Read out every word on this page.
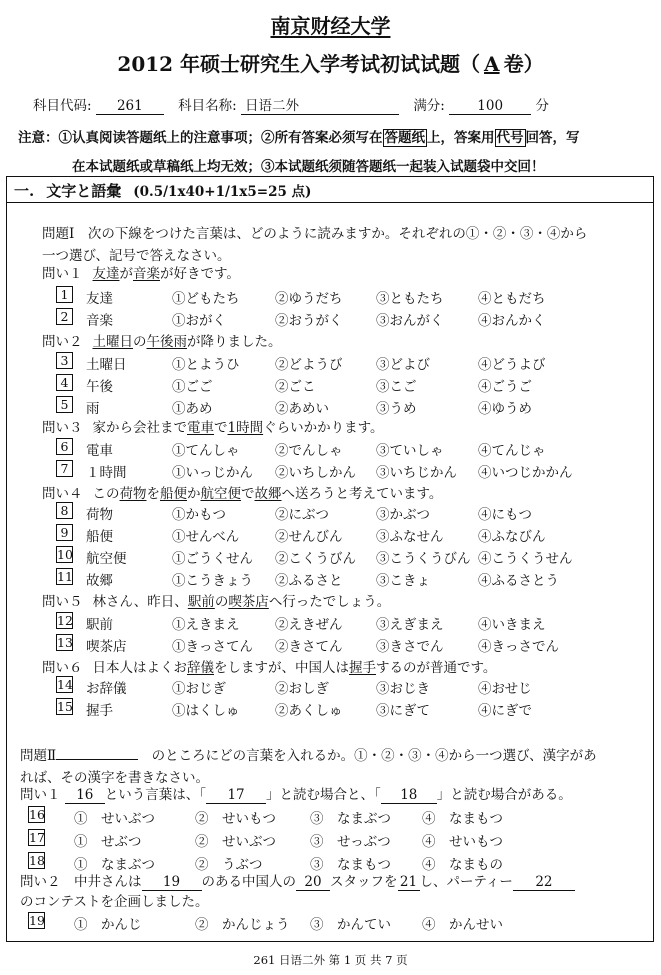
南京财经大学
2012 年硕士研究生入学考试初试试题（ A 卷）
科目代码: 261	科目名称: 日语二外	满分: 100 分
注意：①认真阅读答题纸上的注意事项；②所有答案必须写在 答题纸 上，答案用 代号 回答，写
在本试题纸或草稿纸上均无效；③本试题纸须随答题纸一起装入试题袋中交回！
一. 文字と語彙 (0.5/1x40+1/1x5=25 点)
問題Ⅰ　次の下線をつけた言葉は、どのように読みますか。それぞれの①・②・③・④から
一つ選び、記号で答えなさい。
問題Ⅱ	　のところにどの言葉を入れるか。①・②・③・④から一つ選び、漢字があ
れば、その漢字を書きなさい。
問い１ 16 という言葉は、「 17 」と読む場合と、「 18 」と読む場合がある。
問い２　 中井さんは 19 のある中国人の 20 スタッフを 21 し、パーティー 22
のコンテストを企画しました。
261 日语二外 第 1 页 共 7 页
問い１ 友達が音楽が好きです。
問い２ 土曜日の午後雨が降りました。
問い３ 家から会社まで電車で1時間ぐらいかかります。
問い４ この荷物を船便か航空便で故郷へ送ろうと考えています。
問い５ 林さん、昨日、駅前の喫茶店へ行ったでしょう。
問い６ 日本人はよくお辞儀をしますが、中国人は握手するのが普通です。
1	友達	①どもたち	②ゆうだち ③ともたち	④ともだち
2	音楽	①おがく	②おうがく ③おんがく	④おんかく
3	土曜日	①とようひ	②どようび ③どよび	④どうよび
4	午後	①ごご	②ごこ	③こご	④ごうご
5	雨	①あめ	②あめい	③うめ	④ゆうめ
6	電車	①てんしゃ	②でんしゃ ③ていしゃ	④てんじゃ
7	１時間	①いっじかん ②いちしかん ③いちじかん ④いつじかかん
8	荷物	①かもつ	②にぶつ	③かぶつ	④にもつ
9	船便	①せんべん	②せんびん ③ふなせん	④ふなびん
10 航空便	①ごうくせん ②こくうびん ③こうくうびん ④こうくうせん
11 故郷	①こうきょう ②ふるさと ③こきょ	④ふるさとう
12 駅前	①えきまえ	②えきぜん ③えぎまえ	④いきまえ
13 喫茶店	①きっさてん ②きさてん ③きさでん	④きっさでん
14 お辞儀	①おじぎ	②おしぎ	③おじき	④おせじ
15 握手	①はくしゅ	②あくしゅ ③にぎて	④にぎで
16 ①　せいぶつ	②　せいもつ	③　なまぶつ ④　なまもつ
17 ①　せぶつ	②　せいぶつ	③　せっぶつ ④　せいもつ
18 ①　なまぶつ	②　うぶつ	③　なまもつ ④　なまもの
19 ①　かんじ	②　かんじょう ③　かんてい ④　かんせい
